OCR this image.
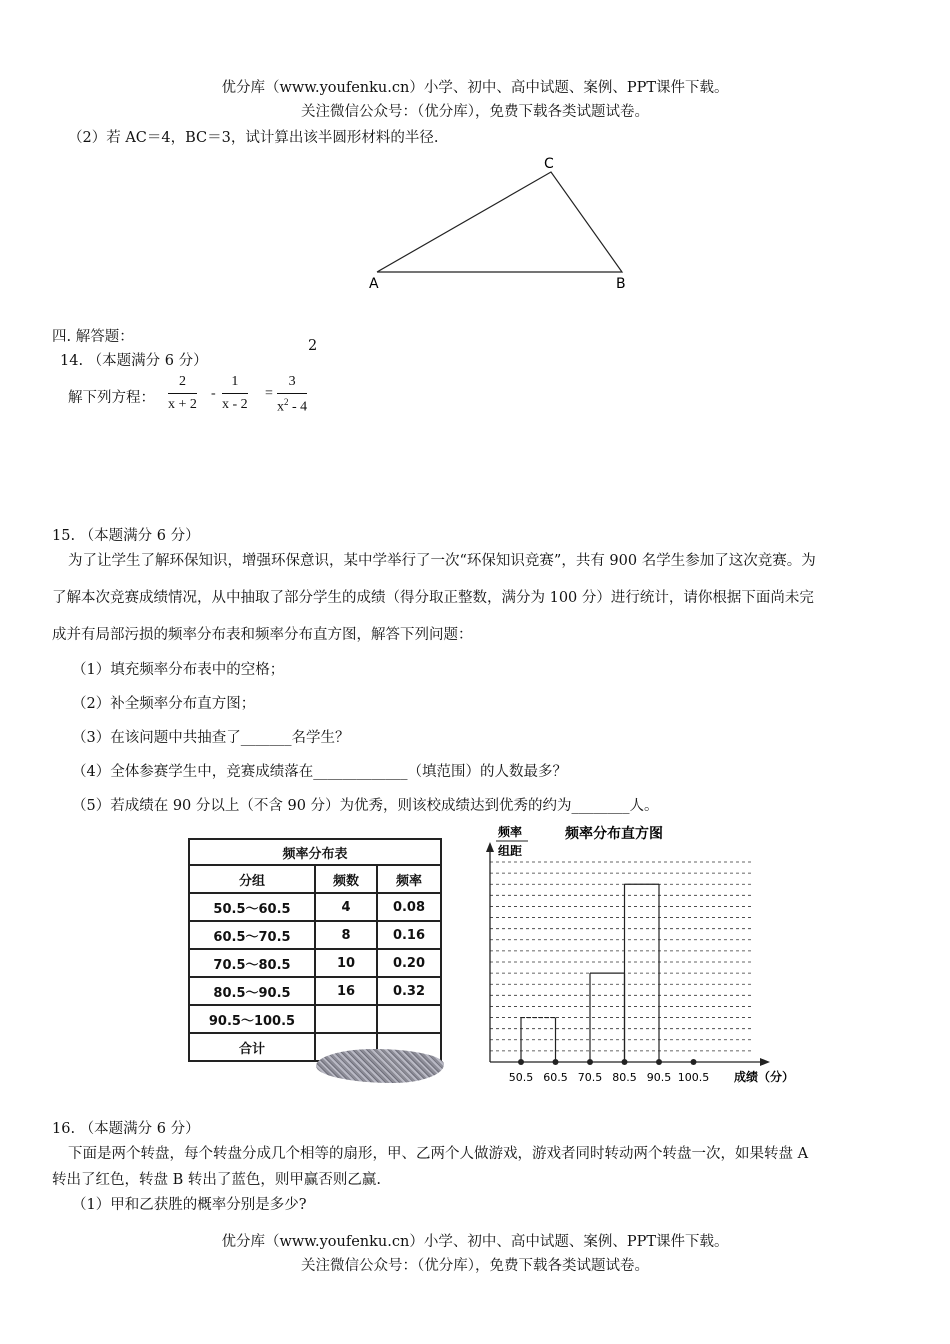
优分库（www.youfenku.cn）小学、初中、高中试题、案例、PPT课件下载。
关注微信公众号：（优分库），免费下载各类试题试卷。
（2）若 AC＝4，BC＝3，试计算出该半圆形材料的半径.
C
A	B
四. 解答题：
2
14. （本题满分 6 分）
解下列方程： $\frac{2}{x + 2} - \frac{1}{x - 2} = \frac{3}{x^2 - 4}$
15. （本题满分 6 分）
为了让学生了解环保知识，增强环保意识，某中学举行了一次“环保知识竞赛”，共有 900 名学生参加了这次竞赛。为
了解本次竞赛成绩情况，从中抽取了部分学生的成绩（得分取正整数，满分为 100 分）进行统计，请你根据下面尚未完
成并有局部污损的频率分布表和频率分布直方图，解答下列问题：
（1）填充频率分布表中的空格；
（2）补全频率分布直方图；
（3）在该问题中共抽查了_______名学生？
（4）全体参赛学生中，竞赛成绩落在_____________（填范围）的人数最多？
（5）若成绩在 90 分以上（不含 90 分）为优秀，则该校成绩达到优秀的约为________人。
频率分布表		
分组	频数	频率
50.5～60.5	4	0.08
60.5～70.5	8	0.16
70.5～80.5	10	0.20
80.5～90.5	16	0.32
90.5～100.5		
合计		
频率
组距
频率分布直方图
50.5 60.5 70.5 80.5 90.5 100.5 成绩（分）
16. （本题满分 6 分）
下面是两个转盘，每个转盘分成几个相等的扇形，甲、乙两个人做游戏，游戏者同时转动两个转盘一次，如果转盘 A
转出了红色，转盘 B 转出了蓝色，则甲赢否则乙赢.
（1）甲和乙获胜的概率分别是多少?
优分库（www.youfenku.cn）小学、初中、高中试题、案例、PPT课件下载。
关注微信公众号：（优分库），免费下载各类试题试卷。
